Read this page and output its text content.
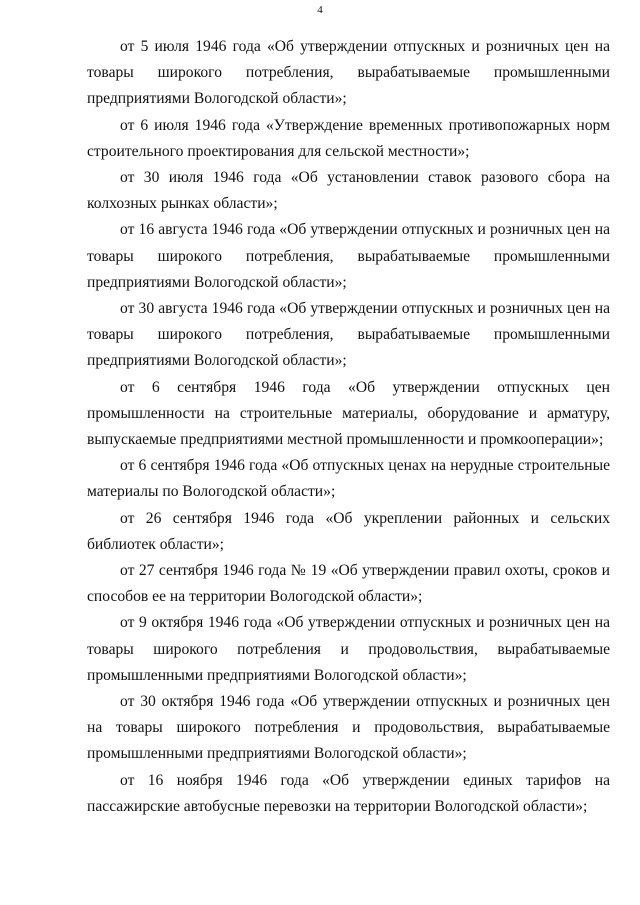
4

от 5 июля 1946 года «Об утверждении отпускных и розничных цен на товары широкого потребления, вырабатываемые промышленными предприятиями Вологодской области»;

от 6 июля 1946 года «Утверждение временных противопожарных норм строительного проектирования для сельской местности»;

от 30 июля 1946 года «Об установлении ставок разового сбора на колхозных рынках области»;

от 16 августа 1946 года «Об утверждении отпускных и розничных цен на товары широкого потребления, вырабатываемые промышленными предприятиями Вологодской области»;

от 30 августа 1946 года «Об утверждении отпускных и розничных цен на товары широкого потребления, вырабатываемые промышленными предприятиями Вологодской области»;

от 6 сентября 1946 года «Об утверждении отпускных цен промышленности на строительные материалы, оборудование и арматуру, выпускаемые предприятиями местной промышленности и промкооперации»;

от 6 сентября 1946 года «Об отпускных ценах на нерудные строительные материалы по Вологодской области»;

от 26 сентября 1946 года «Об укреплении районных и сельских библиотек области»;

от 27 сентября 1946 года № 19 «Об утверждении правил охоты, сроков и способов ее на территории Вологодской области»;

от 9 октября 1946 года «Об утверждении отпускных и розничных цен на товары широкого потребления и продовольствия, вырабатываемые промышленными предприятиями Вологодской области»;

от 30 октября 1946 года «Об утверждении отпускных и розничных цен на товары широкого потребления и продовольствия, вырабатываемые промышленными предприятиями Вологодской области»;

от 16 ноября 1946 года «Об утверждении единых тарифов на пассажирские автобусные перевозки на территории Вологодской области»;
